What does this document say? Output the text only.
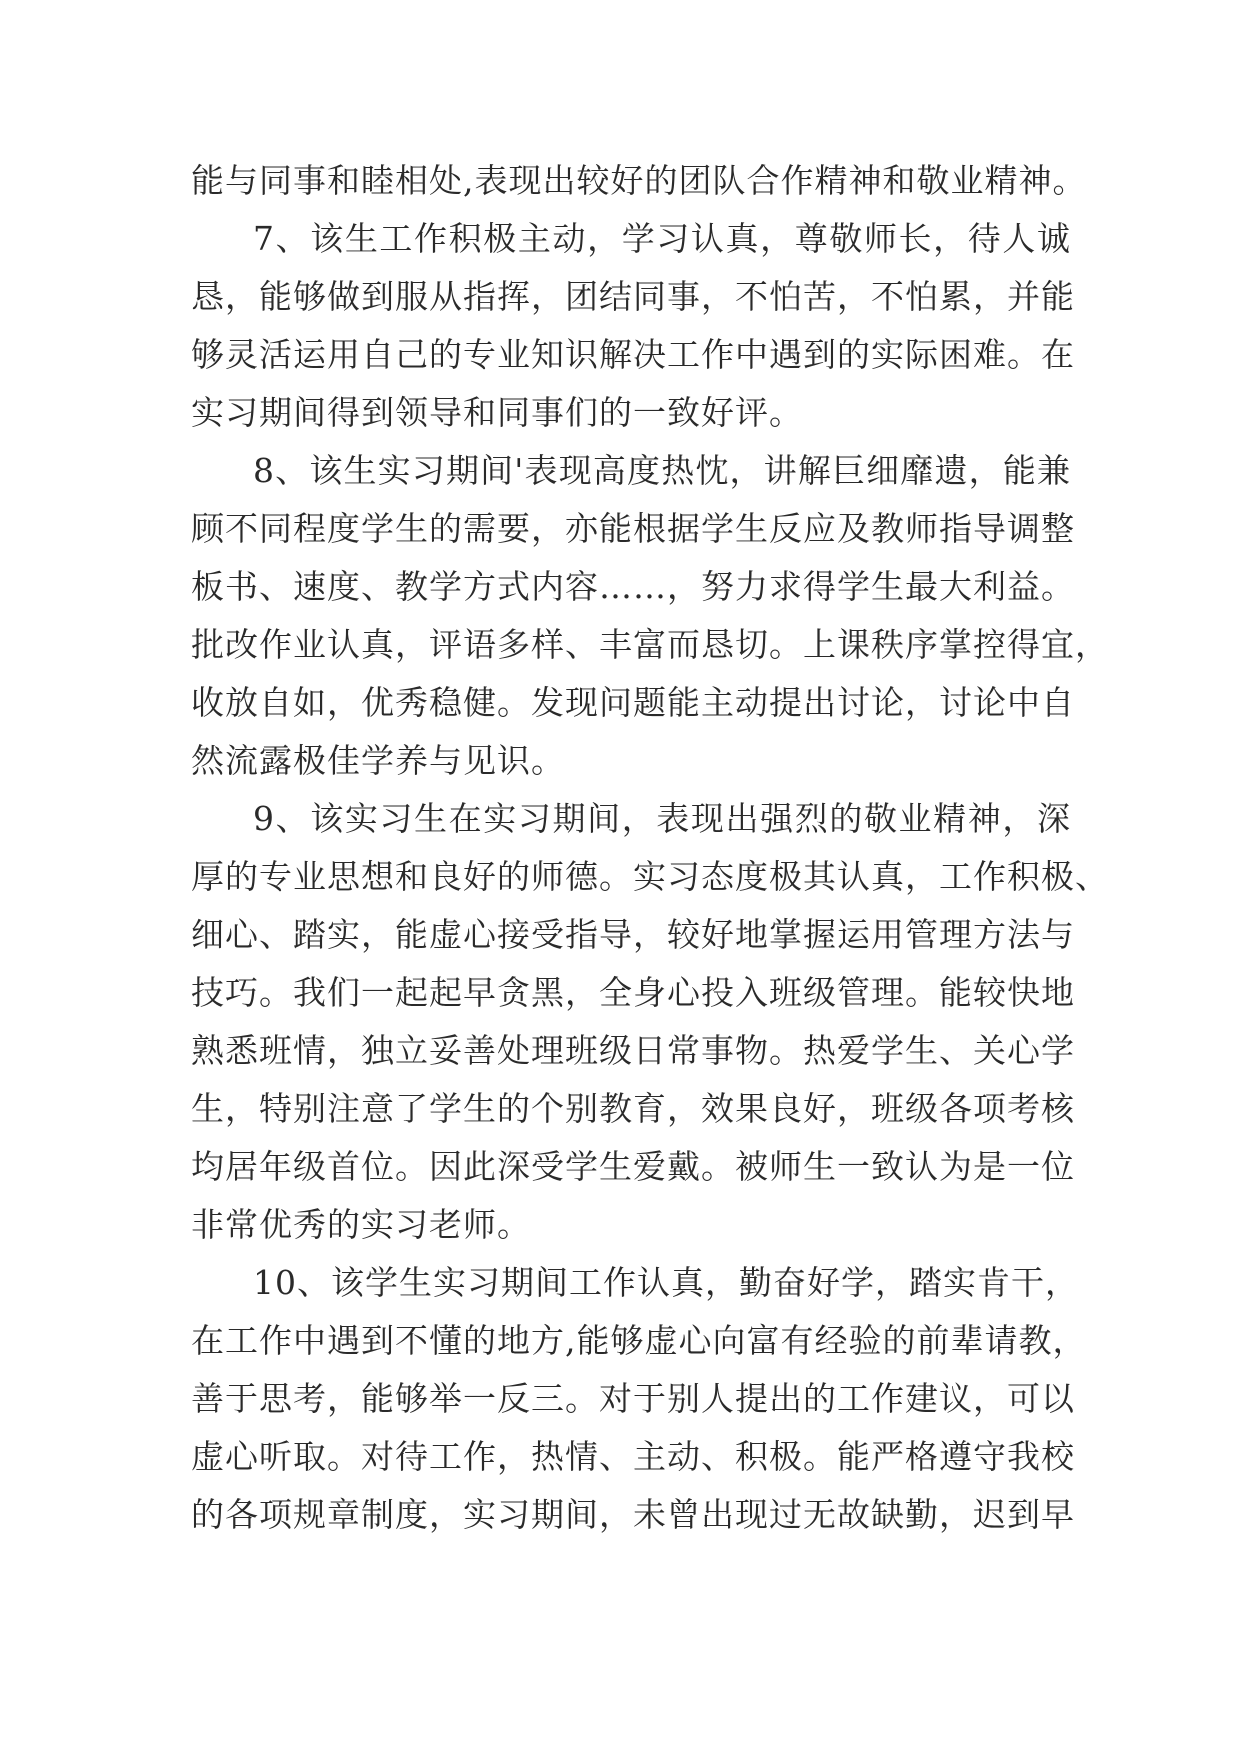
能与同事和睦相处,表现出较好的团队合作精神和敬业精神。
7、该生工作积极主动，学习认真，尊敬师长，待人诚
恳，能够做到服从指挥，团结同事，不怕苦，不怕累，并能
够灵活运用自己的专业知识解决工作中遇到的实际困难。在
实习期间得到领导和同事们的一致好评。
8、该生实习期间'表现高度热忱，讲解巨细靡遗，能兼
顾不同程度学生的需要，亦能根据学生反应及教师指导调整
板书、速度、教学方式内容……，努力求得学生最大利益。
批改作业认真，评语多样、丰富而恳切。上课秩序掌控得宜，
收放自如，优秀稳健。发现问题能主动提出讨论，讨论中自
然流露极佳学养与见识。
9、该实习生在实习期间，表现出强烈的敬业精神，深
厚的专业思想和良好的师德。实习态度极其认真，工作积极、
细心、踏实，能虚心接受指导，较好地掌握运用管理方法与
技巧。我们一起起早贪黑，全身心投入班级管理。能较快地
熟悉班情，独立妥善处理班级日常事物。热爱学生、关心学
生，特别注意了学生的个别教育，效果良好，班级各项考核
均居年级首位。因此深受学生爱戴。被师生一致认为是一位
非常优秀的实习老师。
10、该学生实习期间工作认真，勤奋好学，踏实肯干，
在工作中遇到不懂的地方,能够虚心向富有经验的前辈请教，
善于思考，能够举一反三。对于别人提出的工作建议，可以
虚心听取。对待工作，热情、主动、积极。能严格遵守我校
的各项规章制度，实习期间，未曾出现过无故缺勤，迟到早
